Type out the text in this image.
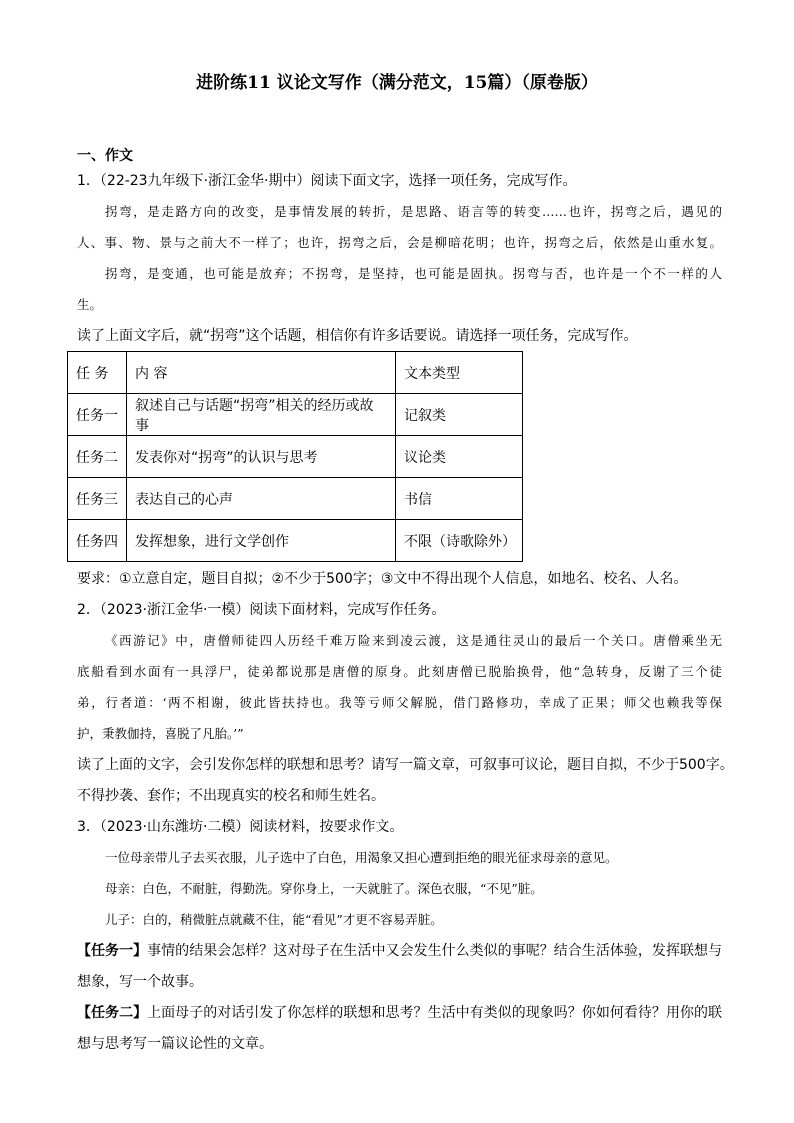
进阶练11 议论文写作（满分范文，15篇）（原卷版）
一、作文
1．（22-23九年级下·浙江金华·期中）阅读下面文字，选择一项任务，完成写作。
拐弯，是走路方向的改变，是事情发展的转折，是思路、语言等的转变……也许，拐弯之后，遇见的
人、事、物、景与之前大不一样了；也许，拐弯之后，会是柳暗花明；也许，拐弯之后，依然是山重水复。
拐弯，是变通，也可能是放弃；不拐弯，是坚持，也可能是固执。拐弯与否，也许是一个不一样的人
生。
读了上面文字后，就“拐弯”这个话题，相信你有许多话要说。请选择一项任务，完成写作。
任 务	内 容	文本类型
任务一	叙述自己与话题“拐弯”相关的经历或故事	记叙类
任务二	发表你对“拐弯”的认识与思考	议论类
任务三	表达自己的心声	书信
任务四	发挥想象，进行文学创作	不限（诗歌除外）
要求：①立意自定，题目自拟；②不少于500字；③文中不得出现个人信息，如地名、校名、人名。
2．（2023·浙江金华·一模）阅读下面材料，完成写作任务。
《西游记》中，唐僧师徒四人历经千难万险来到凌云渡，这是通往灵山的最后一个关口。唐僧乘坐无
底船看到水面有一具浮尸，徒弟都说那是唐僧的原身。此刻唐僧已脱胎换骨，他“急转身，反谢了三个徒
弟，行者道：‘两不相谢，彼此皆扶持也。我等亏师父解脱，借门路修功，幸成了正果；师父也赖我等保
护，秉教伽持，喜脱了凡胎。’”
读了上面的文字，会引发你怎样的联想和思考？请写一篇文章，可叙事可议论，题目自拟，不少于500字。
不得抄袭、套作；不出现真实的校名和师生姓名。
3．（2023·山东潍坊·二模）阅读材料，按要求作文。
一位母亲带儿子去买衣服，儿子选中了白色，用渴象又担心遭到拒绝的眼光征求母亲的意见。
母亲：白色，不耐脏，得勤洗。穿你身上，一天就脏了。深色衣服，“不见”脏。
儿子：白的，稍微脏点就藏不住，能“看见”才更不容易弄脏。
【任务一】事情的结果会怎样？这对母子在生活中又会发生什么类似的事呢？结合生活体验，发挥联想与
想象，写一个故事。
【任务二】上面母子的对话引发了你怎样的联想和思考？生活中有类似的现象吗？你如何看待？用你的联
想与思考写一篇议论性的文章。
